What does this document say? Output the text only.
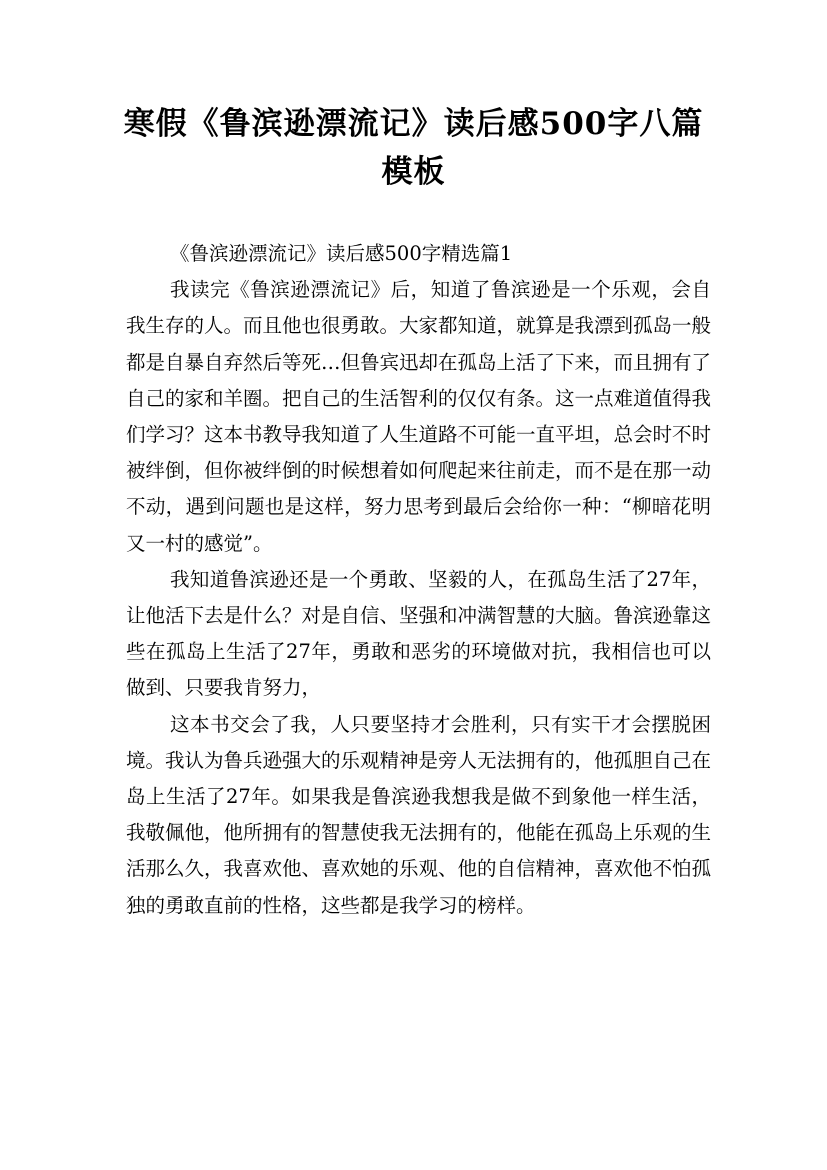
寒假《鲁滨逊漂流记》读后感500字八篇模板

《鲁滨逊漂流记》读后感500字精选篇1

我读完《鲁滨逊漂流记》后，知道了鲁滨逊是一个乐观，会自我生存的人。而且他也很勇敢。大家都知道，就算是我漂到孤岛一般都是自暴自弃然后等死…但鲁宾迅却在孤岛上活了下来，而且拥有了自己的家和羊圈。把自己的生活智利的仅仅有条。这一点难道值得我们学习？这本书教导我知道了人生道路不可能一直平坦，总会时不时被绊倒，但你被绊倒的时候想着如何爬起来往前走，而不是在那一动不动，遇到问题也是这样，努力思考到最后会给你一种：“柳暗花明又一村的感觉”。

我知道鲁滨逊还是一个勇敢、坚毅的人，在孤岛生活了27年，让他活下去是什么？对是自信、坚强和冲满智慧的大脑。鲁滨逊靠这些在孤岛上生活了27年，勇敢和恶劣的环境做对抗，我相信也可以做到、只要我肯努力，

这本书交会了我，人只要坚持才会胜利，只有实干才会摆脱困境。我认为鲁兵逊强大的乐观精神是旁人无法拥有的，他孤胆自己在岛上生活了27年。如果我是鲁滨逊我想我是做不到象他一样生活，我敬佩他，他所拥有的智慧使我无法拥有的，他能在孤岛上乐观的生活那么久，我喜欢他、喜欢她的乐观、他的自信精神，喜欢他不怕孤独的勇敢直前的性格，这些都是我学习的榜样。
